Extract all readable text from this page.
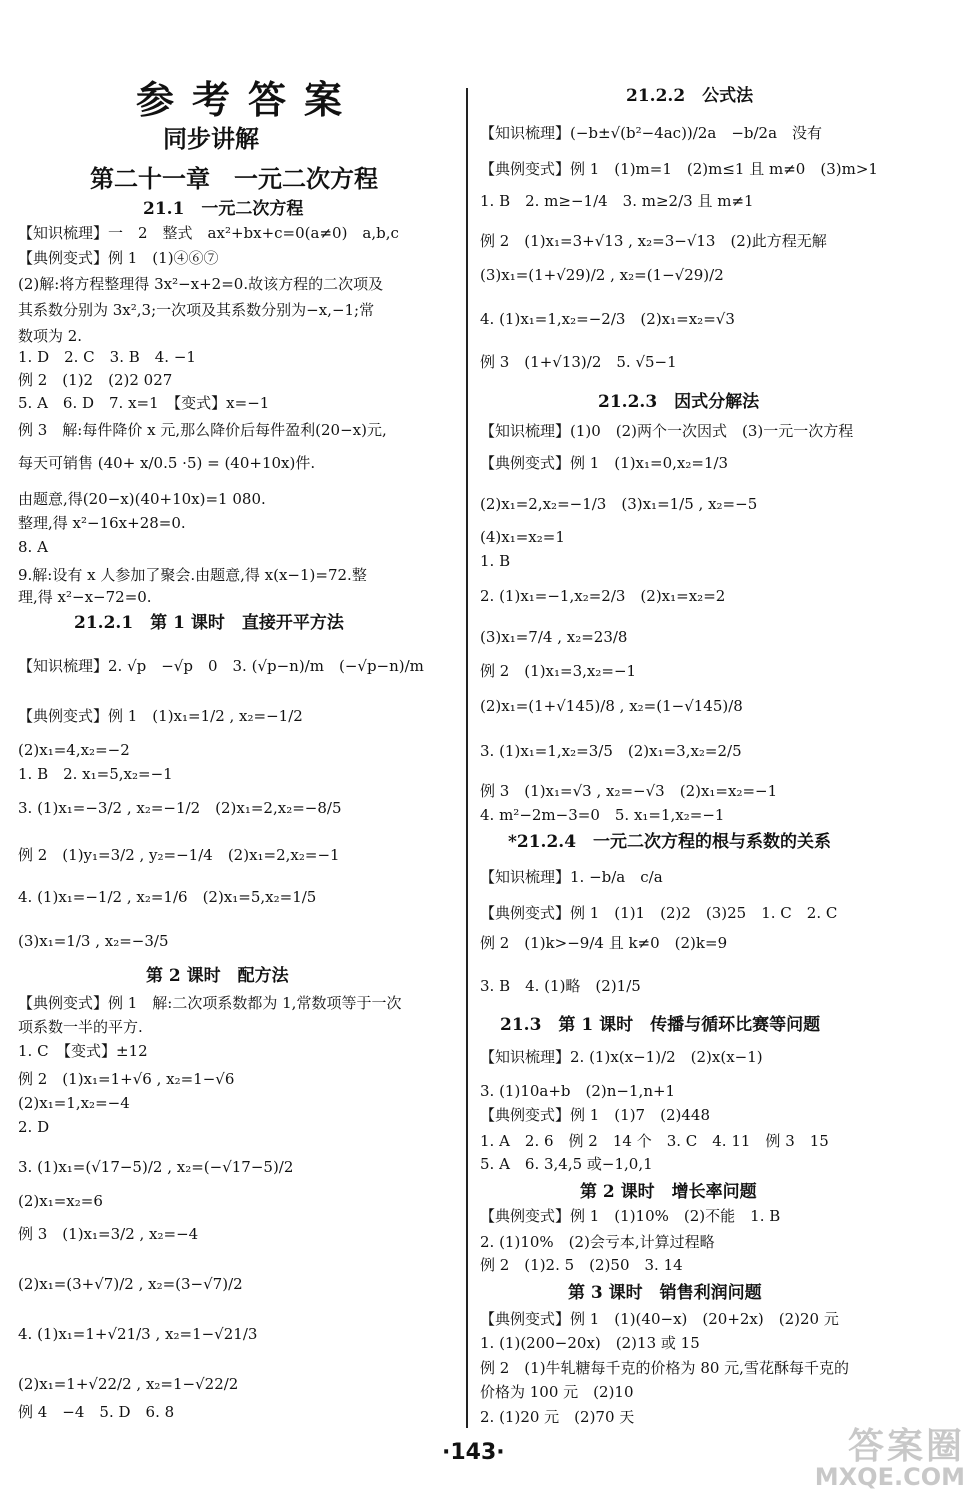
参考答案
同步讲解
第二十一章　一元二次方程
21.1　一元二次方程
【知识梳理】一　2　整式　ax²+bx+c=0(a≠0)　a,b,c
【典例变式】例 1　(1)④⑥⑦
(2)解:将方程整理得 3x²−x+2=0.故该方程的二次项及
其系数分别为 3x²,3;一次项及其系数分别为−x,−1;常
数项为 2.
1. D　2. C　3. B　4. −1
例 2　(1)2　(2)2 027
5. A　6. D　7. x=1　【变式】x=−1
例 3　解:每件降价 x 元,那么降价后每件盈利(20−x)元,
每天可销售 (40+ x/0.5 ·5) = (40+10x)件.
由题意,得(20−x)(40+10x)=1 080.
整理,得 x²−16x+28=0.
8. A
9.解:设有 x 人参加了聚会.由题意,得 x(x−1)=72.整
理,得 x²−x−72=0.
21.2.1　第 1 课时　直接开平方法
【知识梳理】2. √p　−√p　0　3. (√p−n)/m　(−√p−n)/m
【典例变式】例 1　(1)x₁=1/2 , x₂=−1/2
(2)x₁=4,x₂=−2
1. B　2. x₁=5,x₂=−1
3. (1)x₁=−3/2 , x₂=−1/2　(2)x₁=2,x₂=−8/5
例 2　(1)y₁=3/2 , y₂=−1/4　(2)x₁=2,x₂=−1
4. (1)x₁=−1/2 , x₂=1/6　(2)x₁=5,x₂=1/5
(3)x₁=1/3 , x₂=−3/5
第 2 课时　配方法
【典例变式】例 1　解:二次项系数都为 1,常数项等于一次
项系数一半的平方.
1. C　【变式】±12
例 2　(1)x₁=1+√6 , x₂=1−√6
(2)x₁=1,x₂=−4
2. D
3. (1)x₁=(√17−5)/2 , x₂=(−√17−5)/2
(2)x₁=x₂=6
例 3　(1)x₁=3/2 , x₂=−4
(2)x₁=(3+√7)/2 , x₂=(3−√7)/2
4. (1)x₁=1+√21/3 , x₂=1−√21/3
(2)x₁=1+√22/2 , x₂=1−√22/2
例 4　−4　5. D　6. 8
21.2.2　公式法
【知识梳理】(−b±√(b²−4ac))/2a　−b/2a　没有
【典例变式】例 1　(1)m=1　(2)m≤1 且 m≠0　(3)m>1
1. B　2. m≥−1/4　3. m≥2/3 且 m≠1
例 2　(1)x₁=3+√13 , x₂=3−√13　(2)此方程无解
(3)x₁=(1+√29)/2 , x₂=(1−√29)/2
4. (1)x₁=1,x₂=−2/3　(2)x₁=x₂=√3
例 3　(1+√13)/2　5. √5−1
21.2.3　因式分解法
【知识梳理】(1)0　(2)两个一次因式　(3)一元一次方程
【典例变式】例 1　(1)x₁=0,x₂=1/3
(2)x₁=2,x₂=−1/3　(3)x₁=1/5 , x₂=−5
(4)x₁=x₂=1
1. B
2. (1)x₁=−1,x₂=2/3　(2)x₁=x₂=2
(3)x₁=7/4 , x₂=23/8
例 2　(1)x₁=3,x₂=−1
(2)x₁=(1+√145)/8 , x₂=(1−√145)/8
3. (1)x₁=1,x₂=3/5　(2)x₁=3,x₂=2/5
例 3　(1)x₁=√3 , x₂=−√3　(2)x₁=x₂=−1
4. m²−2m−3=0　5. x₁=1,x₂=−1
*21.2.4　一元二次方程的根与系数的关系
【知识梳理】1. −b/a　c/a
【典例变式】例 1　(1)1　(2)2　(3)25　1. C　2. C
例 2　(1)k>−9/4 且 k≠0　(2)k=9
3. B　4. (1)略　(2)1/5
21.3　第 1 课时　传播与循环比赛等问题
【知识梳理】2. (1)x(x−1)/2　(2)x(x−1)
3. (1)10a+b　(2)n−1,n+1
【典例变式】例 1　(1)7　(2)448
1. A　2. 6　例 2　14 个　3. C　4. 11　例 3　15
5. A　6. 3,4,5 或−1,0,1
第 2 课时　增长率问题
【典例变式】例 1　(1)10%　(2)不能　1. B
2. (1)10%　(2)会亏本,计算过程略
例 2　(1)2. 5　(2)50　3. 14
第 3 课时　销售利润问题
【典例变式】例 1　(1)(40−x)　(20+2x)　(2)20 元
1. (1)(200−20x)　(2)13 或 15
例 2　(1)牛轧糖每千克的价格为 80 元,雪花酥每千克的
价格为 100 元　(2)10
2. (1)20 元　(2)70 天
·143·	答案圈
MXQE.COM
